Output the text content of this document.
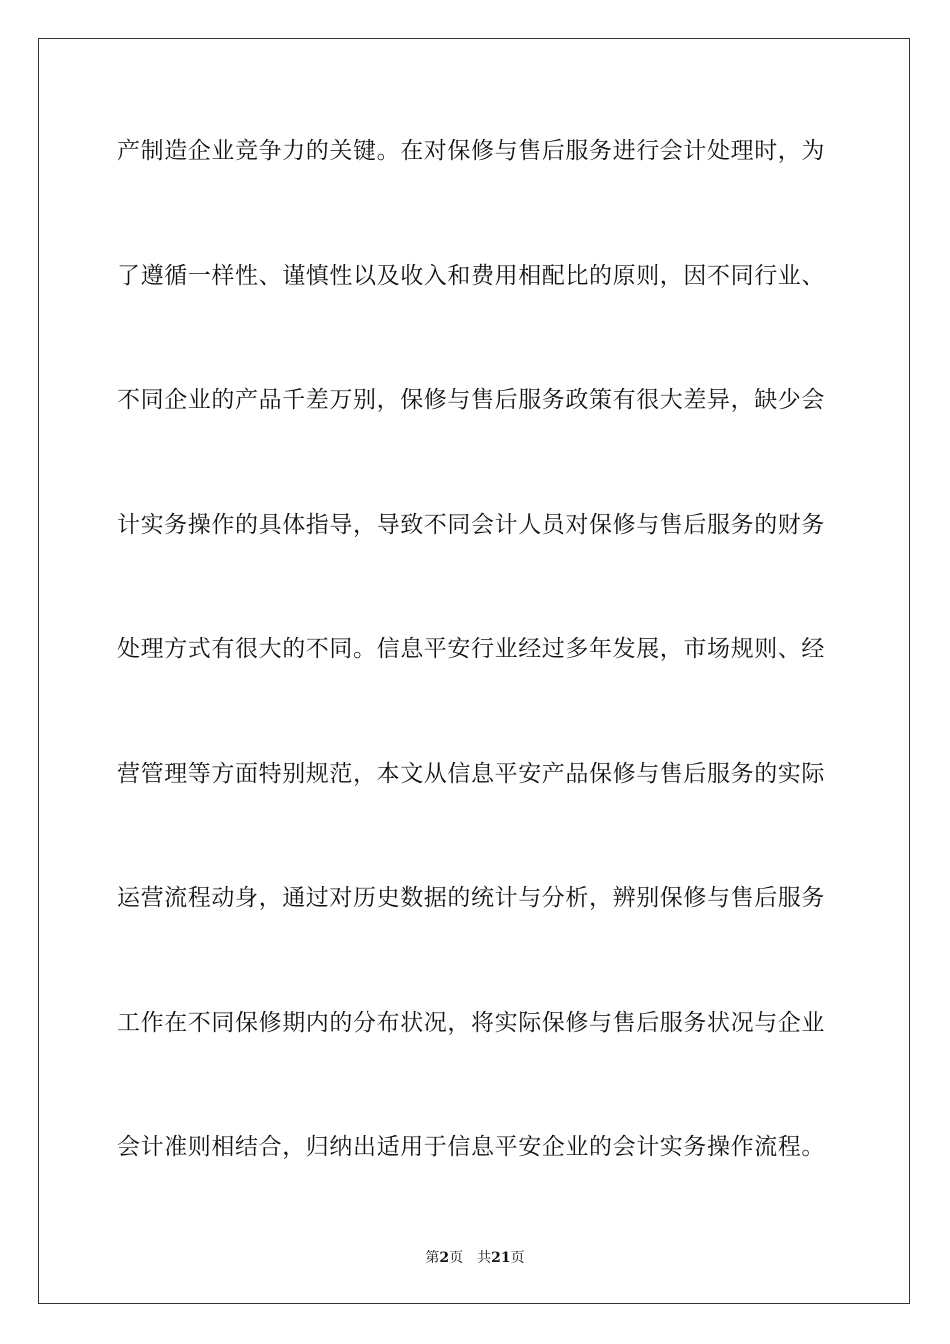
产制造企业竞争力的关键。在对保修与售后服务进行会计处理时，为
了遵循一样性、谨慎性以及收入和费用相配比的原则，因不同行业、
不同企业的产品千差万别，保修与售后服务政策有很大差异，缺少会
计实务操作的具体指导，导致不同会计人员对保修与售后服务的财务
处理方式有很大的不同。信息平安行业经过多年发展，市场规则、经
营管理等方面特别规范，本文从信息平安产品保修与售后服务的实际
运营流程动身，通过对历史数据的统计与分析，辨别保修与售后服务
工作在不同保修期内的分布状况，将实际保修与售后服务状况与企业
会计准则相结合，归纳出适用于信息平安企业的会计实务操作流程。
第2页 共21页
